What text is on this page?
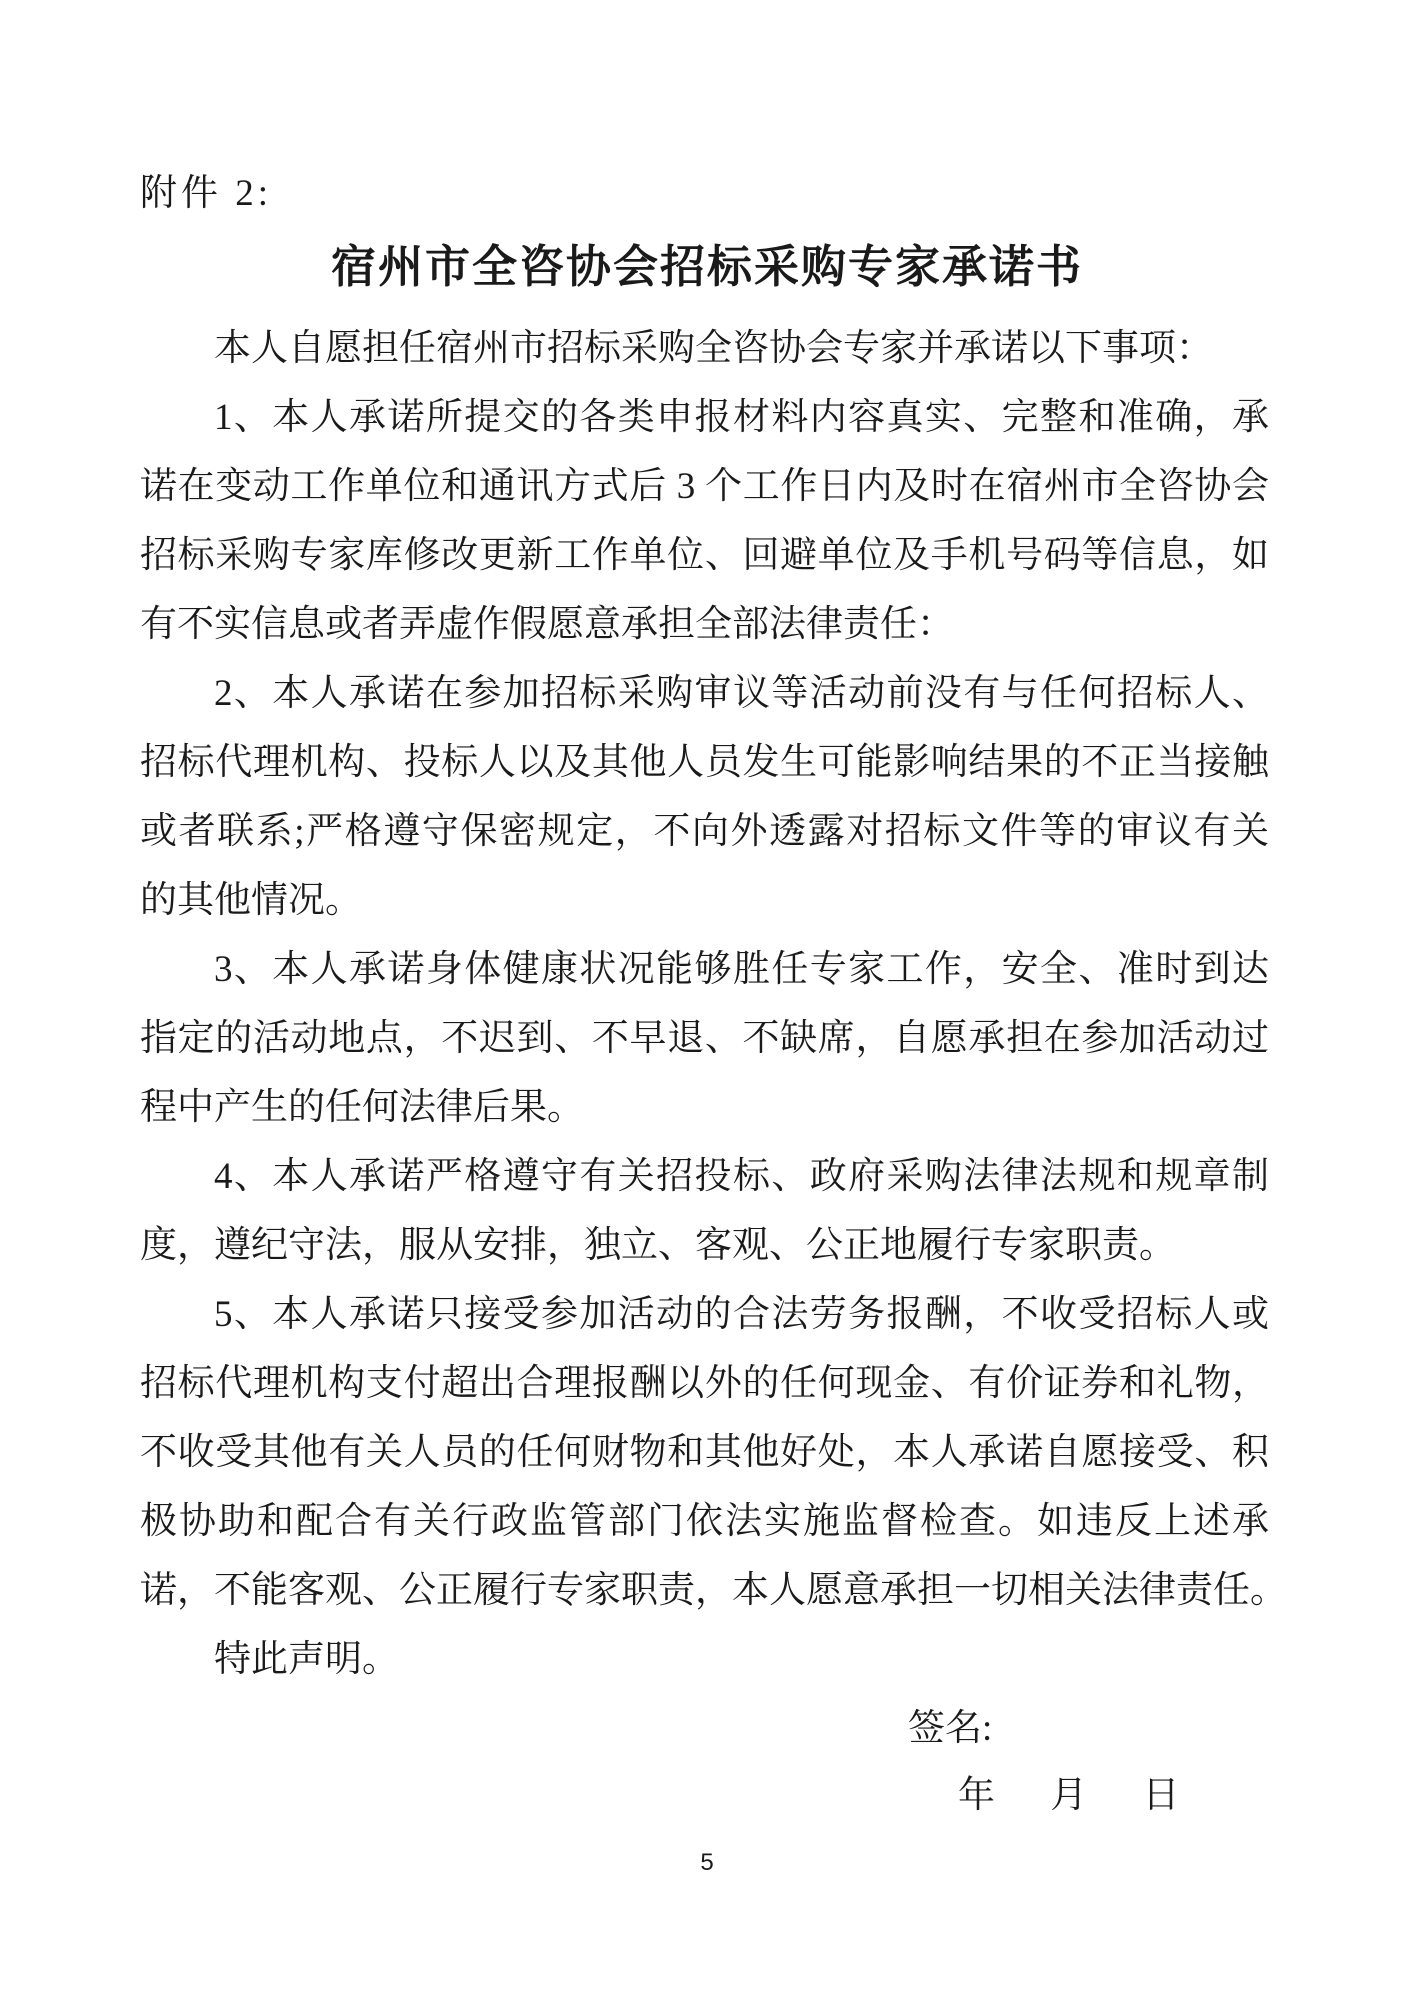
附件 2:
宿州市全咨协会招标采购专家承诺书
本人自愿担任宿州市招标采购全咨协会专家并承诺以下事项：
1、本人承诺所提交的各类申报材料内容真实、完整和准确，承
诺在变动工作单位和通讯方式后 3 个工作日内及时在宿州市全咨协会
招标采购专家库修改更新工作单位、回避单位及手机号码等信息，如
有不实信息或者弄虚作假愿意承担全部法律责任：
2、本人承诺在参加招标采购审议等活动前没有与任何招标人、
招标代理机构、投标人以及其他人员发生可能影响结果的不正当接触
或者联系;严格遵守保密规定，不向外透露对招标文件等的审议有关
的其他情况。
3、本人承诺身体健康状况能够胜任专家工作，安全、准时到达
指定的活动地点，不迟到、不早退、不缺席，自愿承担在参加活动过
程中产生的任何法律后果。
4、本人承诺严格遵守有关招投标、政府采购法律法规和规章制
度，遵纪守法，服从安排，独立、客观、公正地履行专家职责。
5、本人承诺只接受参加活动的合法劳务报酬，不收受招标人或
招标代理机构支付超出合理报酬以外的任何现金、有价证券和礼物，
不收受其他有关人员的任何财物和其他好处，本人承诺自愿接受、积
极协助和配合有关行政监管部门依法实施监督检查。如违反上述承
诺，不能客观、公正履行专家职责，本人愿意承担一切相关法律责任。
特此声明。
签名:
年 月 日
5
